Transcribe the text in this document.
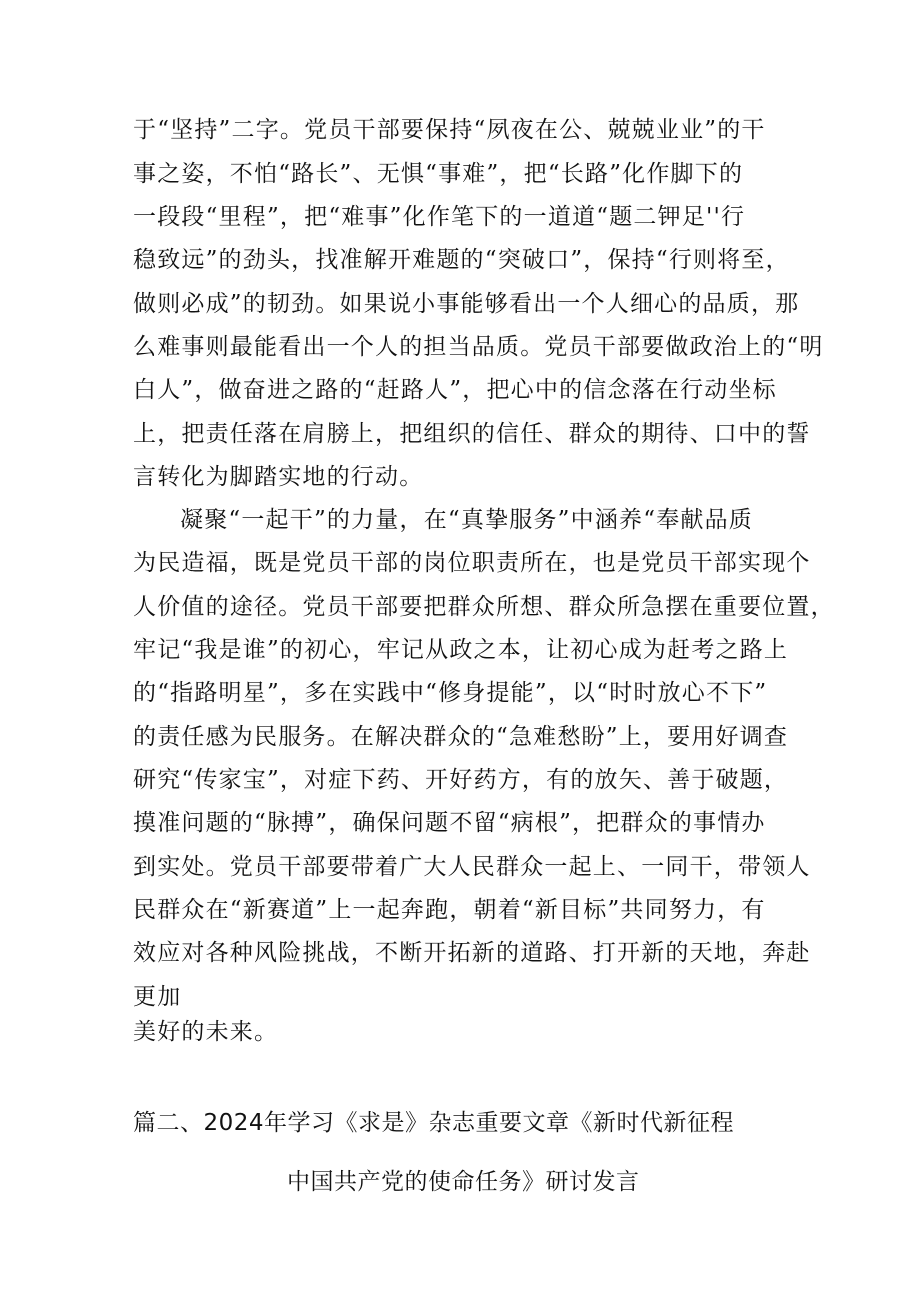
于“坚持”二字。党员干部要保持“夙夜在公、兢兢业业”的干
事之姿，不怕“路长”、无惧“事难”，把“长路”化作脚下的
一段段“里程”，把“难事”化作笔下的一道道“题二钾足''行
稳致远”的劲头，找准解开难题的“突破口”，保持“行则将至，
做则必成”的韧劲。如果说小事能够看出一个人细心的品质，那
么难事则最能看出一个人的担当品质。党员干部要做政治上的“明
白人”，做奋进之路的“赶路人”，把心中的信念落在行动坐标
上，把责任落在肩膀上，把组织的信任、群众的期待、口中的誓
言转化为脚踏实地的行动。
凝聚“一起干”的力量，在“真挚服务”中涵养“奉献品质
为民造福，既是党员干部的岗位职责所在，也是党员干部实现个
人价值的途径。党员干部要把群众所想、群众所急摆在重要位置，
牢记“我是谁”的初心，牢记从政之本，让初心成为赶考之路上
的“指路明星”，多在实践中“修身提能”，以“时时放心不下”
的责任感为民服务。在解决群众的“急难愁盼”上，要用好调查
研究“传家宝”，对症下药、开好药方，有的放矢、善于破题，
摸准问题的“脉搏”，确保问题不留“病根”，把群众的事情办
到实处。党员干部要带着广大人民群众一起上、一同干，带领人
民群众在“新赛道”上一起奔跑，朝着“新目标”共同努力，有
效应对各种风险挑战，不断开拓新的道路、打开新的天地，奔赴
更加
美好的未来。
篇二、2024年学习《求是》杂志重要文章《新时代新征程
中国共产党的使命任务》研讨发言
